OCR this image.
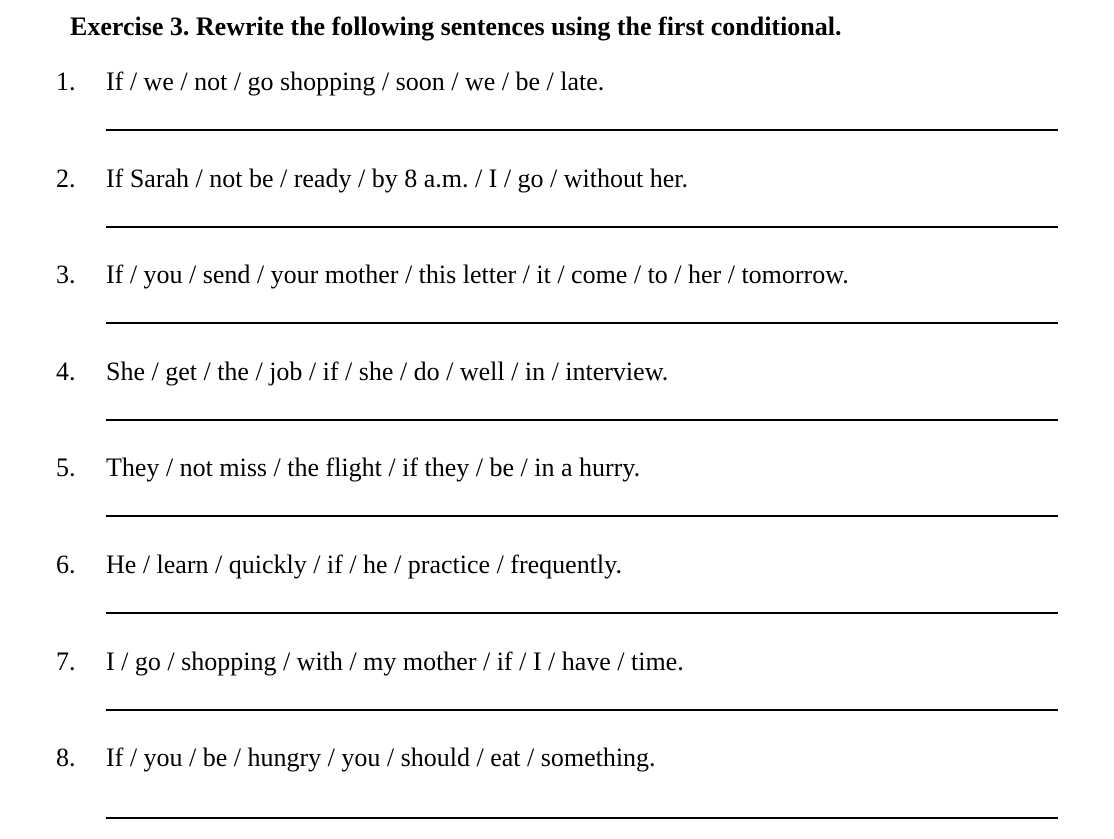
Exercise 3. Rewrite the following sentences using the first conditional.
1. If / we / not / go shopping / soon / we / be / late.
2. If Sarah / not be / ready / by 8 a.m. / I / go / without her.
3. If / you / send / your mother / this letter / it / come / to / her / tomorrow.
4. She / get / the / job / if / she / do / well / in / interview.
5. They / not miss / the flight / if they / be / in a hurry.
6. He / learn / quickly / if / he / practice / frequently.
7. I / go / shopping / with / my mother / if / I / have / time.
8. If / you / be / hungry / you / should / eat / something.
